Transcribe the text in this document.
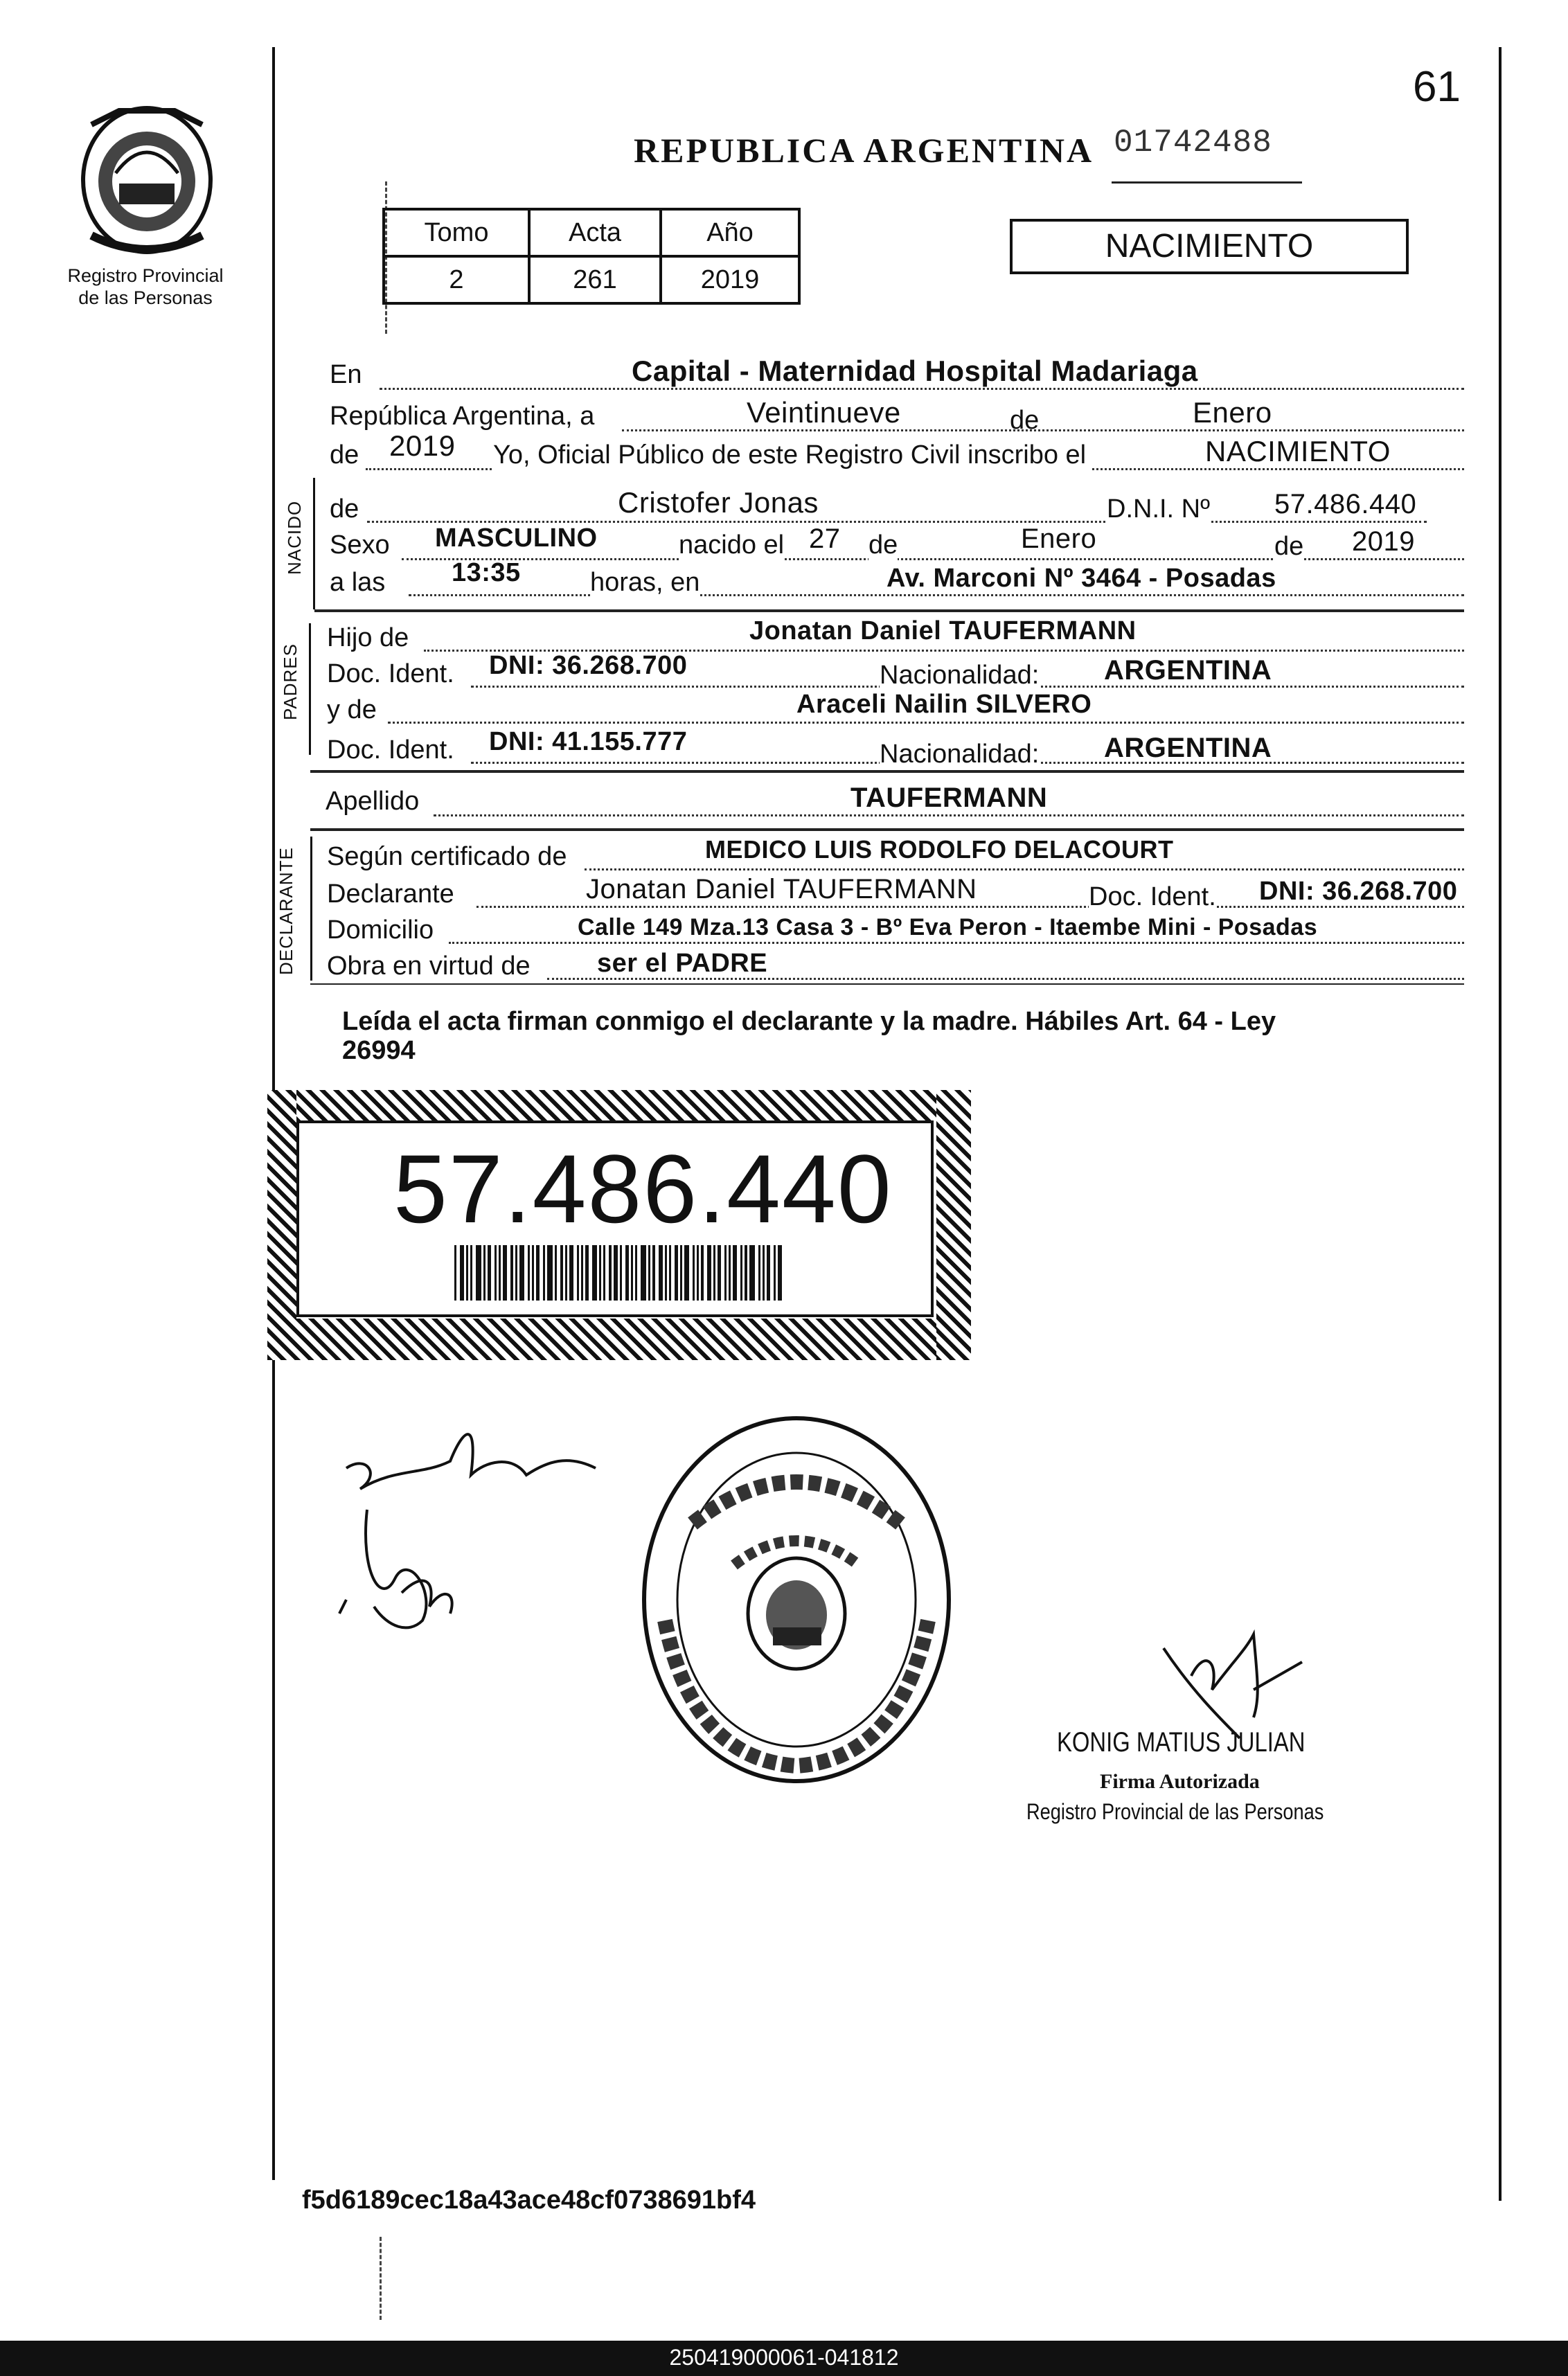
61
Registro Provincial
de las Personas
REPUBLICA ARGENTINA 01742488
Tomo	Acta	Año
2	261	2019
NACIMIENTO
En	Capital - Maternidad Hospital Madariaga
República Argentina, a	Veintinueve	de	Enero
de 2019 Yo, Oficial Público de este Registro Civil inscribo el	NACIMIENTO
NACIDO de	Cristofer Jonas	D.N.I. Nº 57.486.440
Sexo MASCULINO	nacido el 27 de	Enero	de 2019
a las	13:35	horas, en	Av. Marconi Nº 3464 - Posadas
PADRES
Hijo de	Jonatan Daniel TAUFERMANN
Doc. Ident. DNI: 36.268.700	Nacionalidad: ARGENTINA
y de	Araceli Nailin SILVERO
Doc. Ident. DNI: 41.155.777	Nacionalidad: ARGENTINA
Apellido	TAUFERMANN
DECLARANTE Según certificado de	MEDICO LUIS RODOLFO DELACOURT
Declarante	Jonatan Daniel TAUFERMANN	Doc. Ident. DNI: 36.268.700
Domicilio	Calle 149 Mza.13 Casa 3 - Bº Eva Peron - Itaembe Mini - Posadas
Obra en virtud de	ser el PADRE
Leída el acta firman conmigo el declarante y la madre. Hábiles Art. 64 - Ley
26994
57.486.440
KONIG MATIUS JULIAN
Firma Autorizada
Registro Provincial de las Personas
f5d6189cec18a43ace48cf0738691bf4
250419000061-041812
